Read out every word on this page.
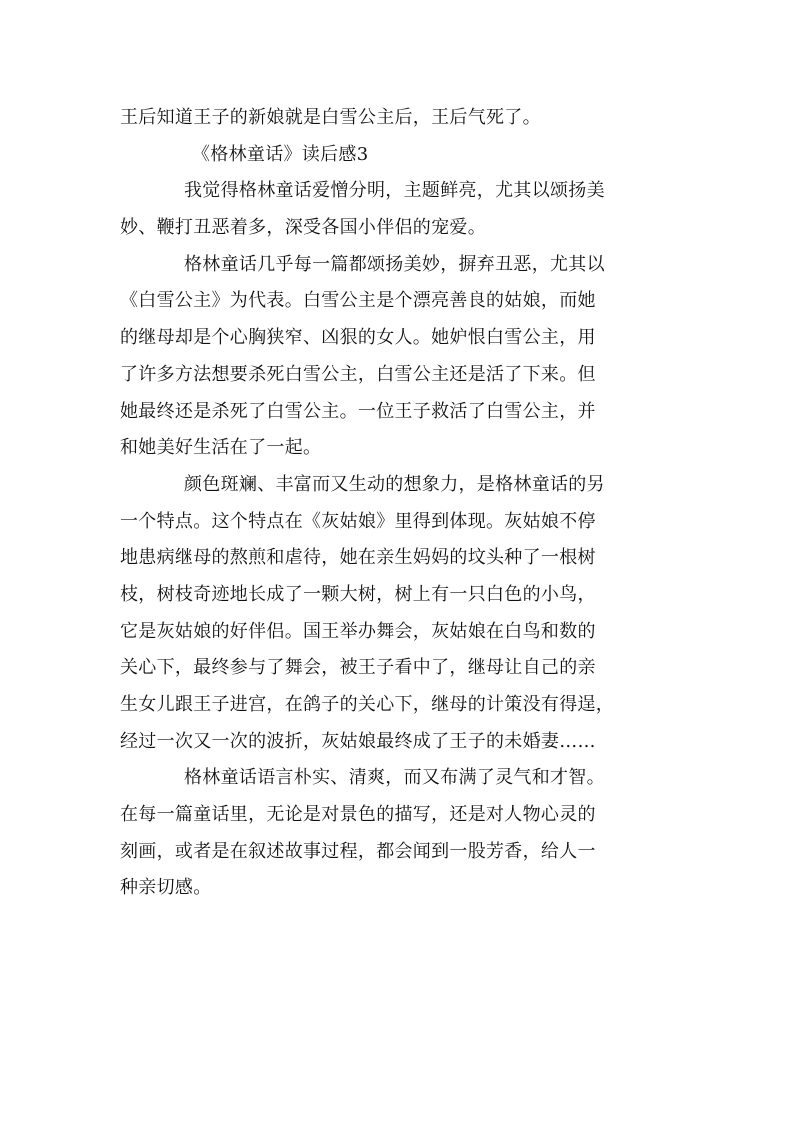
王后知道王子的新娘就是白雪公主后，王后气死了。
《格林童话》读后感3
我觉得格林童话爱憎分明，主题鲜亮，尤其以颂扬美
妙、鞭打丑恶着多，深受各国小伴侣的宠爱。
格林童话几乎每一篇都颂扬美妙，摒弃丑恶，尤其以
《白雪公主》为代表。白雪公主是个漂亮善良的姑娘，而她
的继母却是个心胸狭窄、凶狠的女人。她妒恨白雪公主，用
了许多方法想要杀死白雪公主，白雪公主还是活了下来。但
她最终还是杀死了白雪公主。一位王子救活了白雪公主，并
和她美好生活在了一起。
颜色斑斓、丰富而又生动的想象力，是格林童话的另
一个特点。这个特点在《灰姑娘》里得到体现。灰姑娘不停
地患病继母的熬煎和虐待，她在亲生妈妈的坟头种了一根树
枝，树枝奇迹地长成了一颗大树，树上有一只白色的小鸟，
它是灰姑娘的好伴侣。国王举办舞会，灰姑娘在白鸟和数的
关心下，最终参与了舞会，被王子看中了，继母让自己的亲
生女儿跟王子进宫，在鸽子的关心下，继母的计策没有得逞，
经过一次又一次的波折，灰姑娘最终成了王子的未婚妻……
格林童话语言朴实、清爽，而又布满了灵气和才智。
在每一篇童话里，无论是对景色的描写，还是对人物心灵的
刻画，或者是在叙述故事过程，都会闻到一股芳香，给人一
种亲切感。
